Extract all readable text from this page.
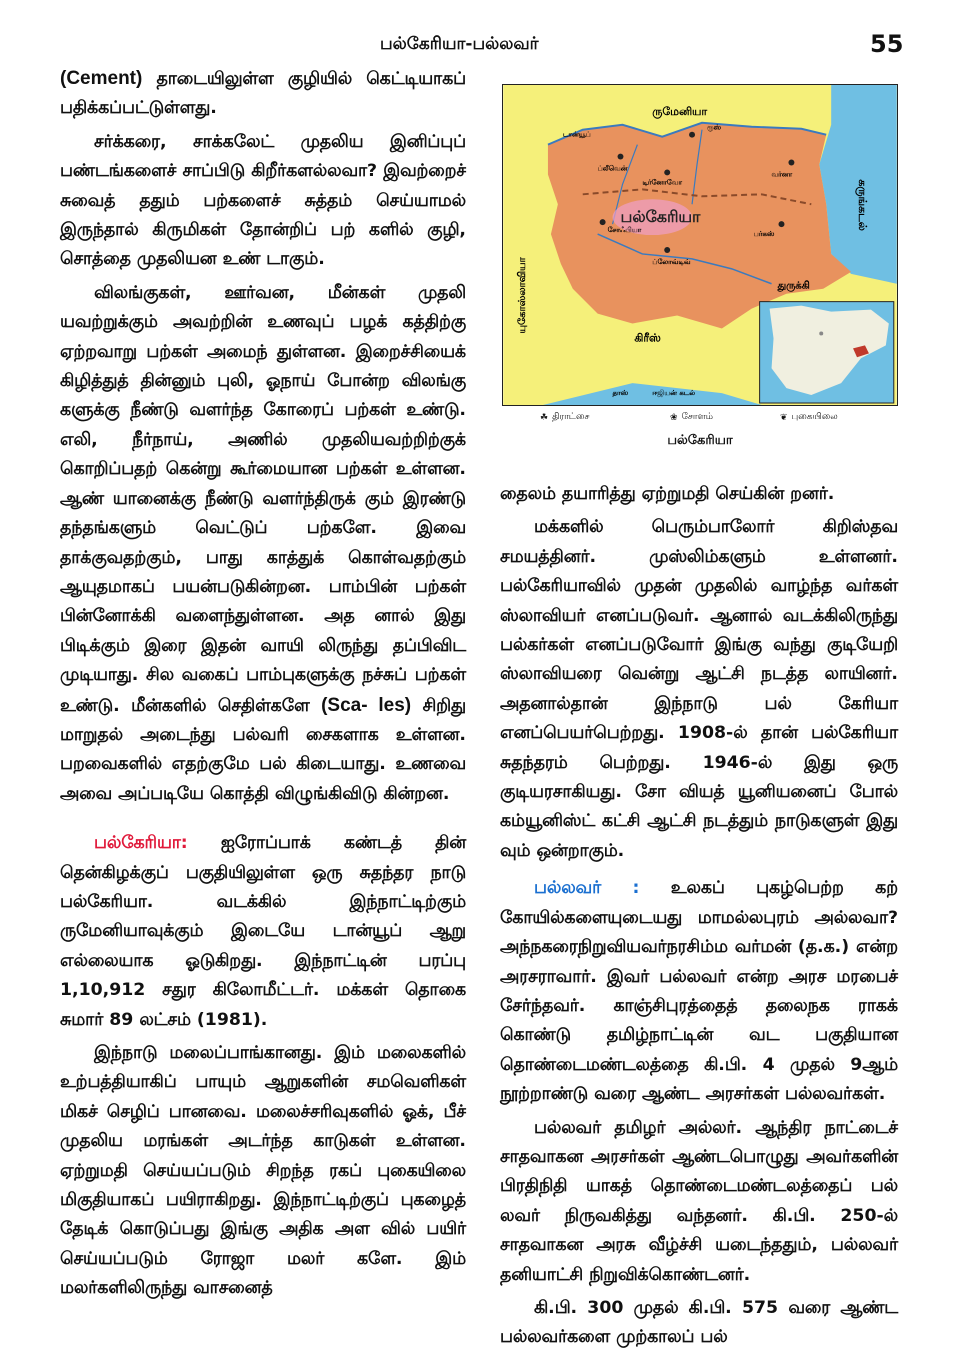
பல்கேரியா-பல்லவர்	55

(Cement) தாடையிலுள்ள குழியில் கெட்டியாகப் பதிக்கப்பட்டுள்ளது.

சர்க்கரை, சாக்கலேட் முதலிய இனிப்புப் பண்டங்களைச் சாப்பிடு கிறீர்களல்லவா? இவற்றைச் சுவைத் ததும் பற்களைச் சுத்தம் செய்யாமல் இருந்தால் கிருமிகள் தோன்றிப் பற் களில் குழி, சொத்தை முதலியன உண் டாகும்.

விலங்குகள், ஊர்வன, மீன்கள் முதலி யவற்றுக்கும் அவற்றின் உணவுப் பழக் கத்திற்கு ஏற்றவாறு பற்கள் அமைந் துள்ளன. இறைச்சியைக் கிழித்துத் தின்னும் புலி, ஓநாய் போன்ற விலங்கு களுக்கு நீண்டு வளர்ந்த கோரைப் பற்கள் உண்டு. எலி, நீர்நாய், அணில் முதலியவற்றிற்குக் கொறிப்பதற் கென்று கூர்மையான பற்கள் உள்ளன. ஆண் யானைக்கு நீண்டு வளர்ந்திருக் கும் இரண்டு தந்தங்களும் வெட்டுப் பற்களே. இவை தாக்குவதற்கும், பாது காத்துக் கொள்வதற்கும் ஆயுதமாகப் பயன்படுகின்றன. பாம்பின் பற்கள் பின்னோக்கி வளைந்துள்ளன. அத னால் இது பிடிக்கும் இரை இதன் வாயி லிருந்து தப்பிவிட முடியாது. சில வகைப் பாம்புகளுக்கு நச்சுப் பற்கள் உண்டு. மீன்களில் செதிள்களே (Sca- les) சிறிது மாறுதல் அடைந்து பல்வரி சைகளாக உள்ளன. பறவைகளில் எதற்குமே பல் கிடையாது. உணவை அவை அப்படியே கொத்தி விழுங்கிவிடு கின்றன.

பல்கேரியா: ஐரோப்பாக் கண்டத் தின் தென்கிழக்குப் பகுதியிலுள்ள ஒரு சுதந்தர நாடு பல்கேரியா. வடக்கில் இந்நாட்டிற்கும் ருமேனியாவுக்கும் இடையே டான்யூப் ஆறு எல்லையாக ஓடுகிறது. இந்நாட்டின் பரப்பு 1,10,912 சதுர கிலோமீட்டர். மக்கள் தொகை சுமார் 89 லட்சம் (1981).

இந்நாடு மலைப்பாங்கானது. இம் மலைகளில் உற்பத்தியாகிப் பாயும் ஆறுகளின் சமவெளிகள் மிகச் செழிப் பானவை. மலைச்சரிவுகளில் ஓக், பீச் முதலிய மரங்கள் அடர்ந்த காடுகள் உள்ளன. ஏற்றுமதி செய்யப்படும் சிறந்த ரகப் புகையிலை மிகுதியாகப் பயிராகிறது. இந்நாட்டிற்குப் புகழைத் தேடிக் கொடுப்பது இங்கு அதிக அள வில் பயிர் செய்யப்படும் ரோஜா மலர் களே. இம் மலர்களிலிருந்து வாசனைத்

ருமேனியா
பல்கேரியா
யுகோஸ்லாவியா
கருங்கடல்
துருக்கி
கிரீஸ்
ஈஜியன் கடல்
சோஃபியா
ப்லோவ்டிவ்
ப்லீவென்
வர்னா
பர்கஸ்
டான்யூப்
ரூஸ்
டிர்னோவோ
தாஸ்
☘ திராட்சை	❀ சோளம்	❦ புகையிலை
பல்கேரியா

தைலம் தயாரித்து ஏற்றுமதி செய்கின் றனர்.

மக்களில் பெரும்பாலோர் கிறிஸ்தவ சமயத்தினர். முஸ்லிம்களும் உள்ளனர். பல்கேரியாவில் முதன் முதலில் வாழ்ந்த வர்கள் ஸ்லாவியர் எனப்படுவர். ஆனால் வடக்கிலிருந்து பல்கர்கள் எனப்படுவோர் இங்கு வந்து குடியேறி ஸ்லாவியரை வென்று ஆட்சி நடத்த லாயினர். அதனால்தான் இந்நாடு பல் கேரியா எனப்பெயர்பெற்றது. 1908-ல் தான் பல்கேரியா சுதந்தரம் பெற்றது. 1946-ல் இது ஒரு குடியரசாகியது. சோ வியத் யூனியனைப் போல் கம்யூனிஸ்ட் கட்சி ஆட்சி நடத்தும் நாடுகளுள் இது வும் ஒன்றாகும்.

பல்லவர் : உலகப் புகழ்பெற்ற கற் கோயில்களையுடையது மாமல்லபுரம் அல்லவா? அந்நகரைநிறுவியவர்நரசிம்ம வர்மன் (த.க.) என்ற அரசராவார். இவர் பல்லவர் என்ற அரச மரபைச் சேர்ந்தவர். காஞ்சிபுரத்தைத் தலைநக ராகக் கொண்டு தமிழ்நாட்டின் வட பகுதியான தொண்டைமண்டலத்தை கி.பி. 4 முதல் 9ஆம் நூற்றாண்டு வரை ஆண்ட அரசர்கள் பல்லவர்கள்.

பல்லவர் தமிழர் அல்லர். ஆந்திர நாட்டைச் சாதவாகன அரசர்கள் ஆண்டபொழுது அவர்களின் பிரதிநிதி யாகத் தொண்டைமண்டலத்தைப் பல் லவர் நிருவகித்து வந்தனர். கி.பி. 250-ல் சாதவாகன அரசு வீழ்ச்சி யடைந்ததும், பல்லவர் தனியாட்சி நிறுவிக்கொண்டனர்.

கி.பி. 300 முதல் கி.பி. 575 வரை ஆண்ட பல்லவர்களை முற்காலப் பல்
